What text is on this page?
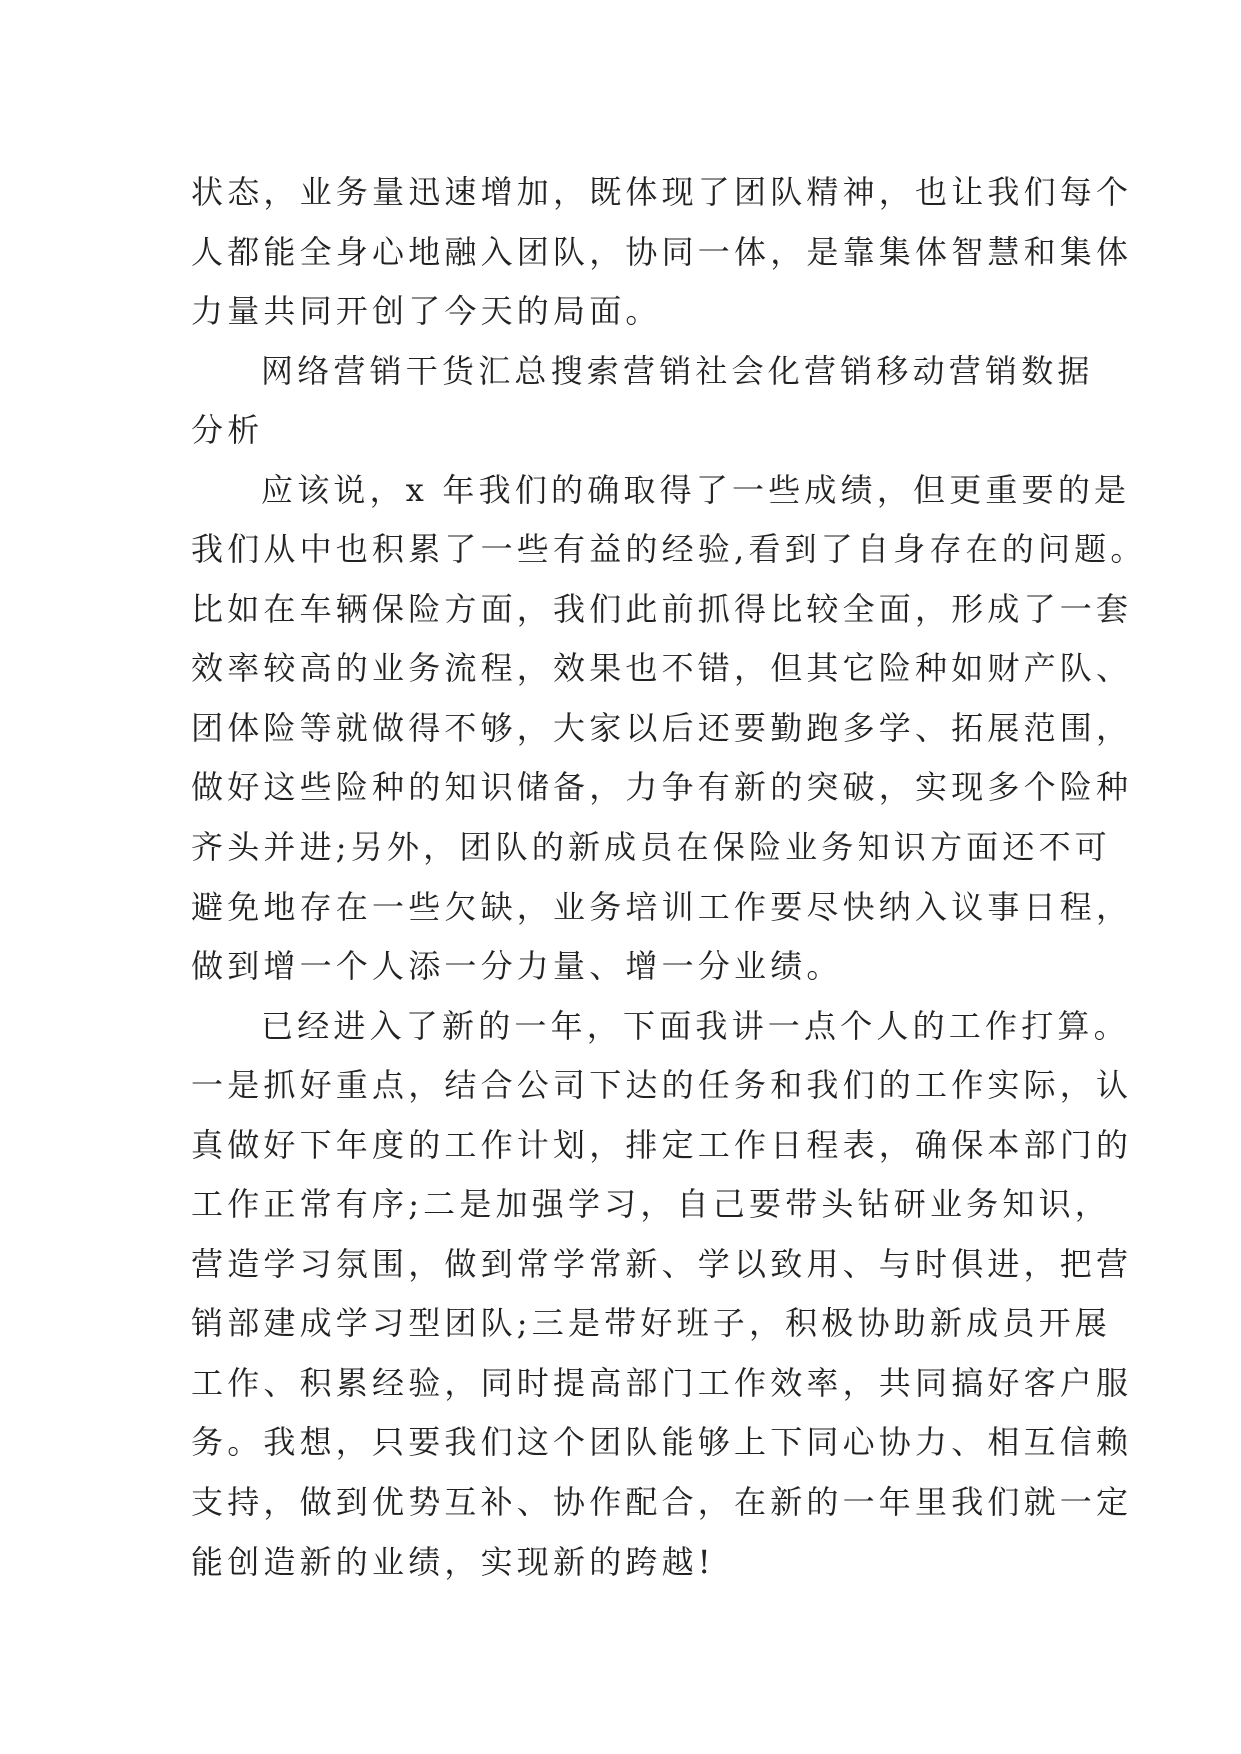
状态，业务量迅速增加，既体现了团队精神，也让我们每个
人都能全身心地融入团队，协同一体，是靠集体智慧和集体
力量共同开创了今天的局面。
网络营销干货汇总搜索营销社会化营销移动营销数据
分析
应该说，x 年我们的确取得了一些成绩，但更重要的是
我们从中也积累了一些有益的经验,看到了自身存在的问题。
比如在车辆保险方面，我们此前抓得比较全面，形成了一套
效率较高的业务流程，效果也不错，但其它险种如财产队、
团体险等就做得不够，大家以后还要勤跑多学、拓展范围，
做好这些险种的知识储备，力争有新的突破，实现多个险种
齐头并进;另外，团队的新成员在保险业务知识方面还不可
避免地存在一些欠缺，业务培训工作要尽快纳入议事日程，
做到增一个人添一分力量、增一分业绩。
已经进入了新的一年，下面我讲一点个人的工作打算。
一是抓好重点，结合公司下达的任务和我们的工作实际，认
真做好下年度的工作计划，排定工作日程表，确保本部门的
工作正常有序;二是加强学习，自己要带头钻研业务知识，
营造学习氛围，做到常学常新、学以致用、与时俱进，把营
销部建成学习型团队;三是带好班子，积极协助新成员开展
工作、积累经验，同时提高部门工作效率，共同搞好客户服
务。我想，只要我们这个团队能够上下同心协力、相互信赖
支持，做到优势互补、协作配合，在新的一年里我们就一定
能创造新的业绩，实现新的跨越!
